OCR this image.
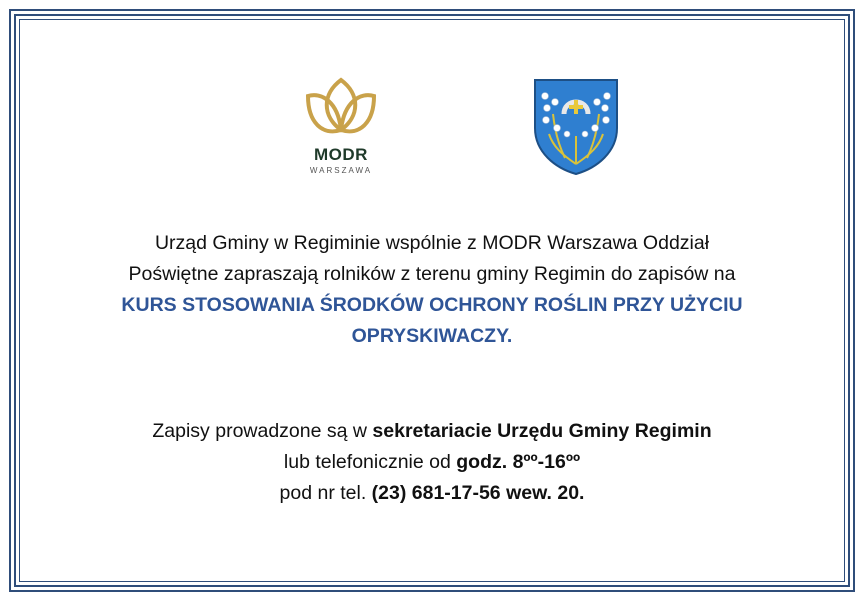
MODR
WARSZAWA
Urząd Gminy w Regiminie wspólnie z MODR Warszawa Oddział
Poświętne zapraszają rolników z terenu gminy Regimin do zapisów na
KURS STOSOWANIA ŚRODKÓW OCHRONY ROŚLIN PRZY UŻYCIU
OPRYSKIWACZY.
Zapisy prowadzone są w sekretariacie Urzędu Gminy Regimin
lub telefonicznie od godz. 8ºº-16ºº
pod nr tel. (23) 681-17-56 wew. 20.
